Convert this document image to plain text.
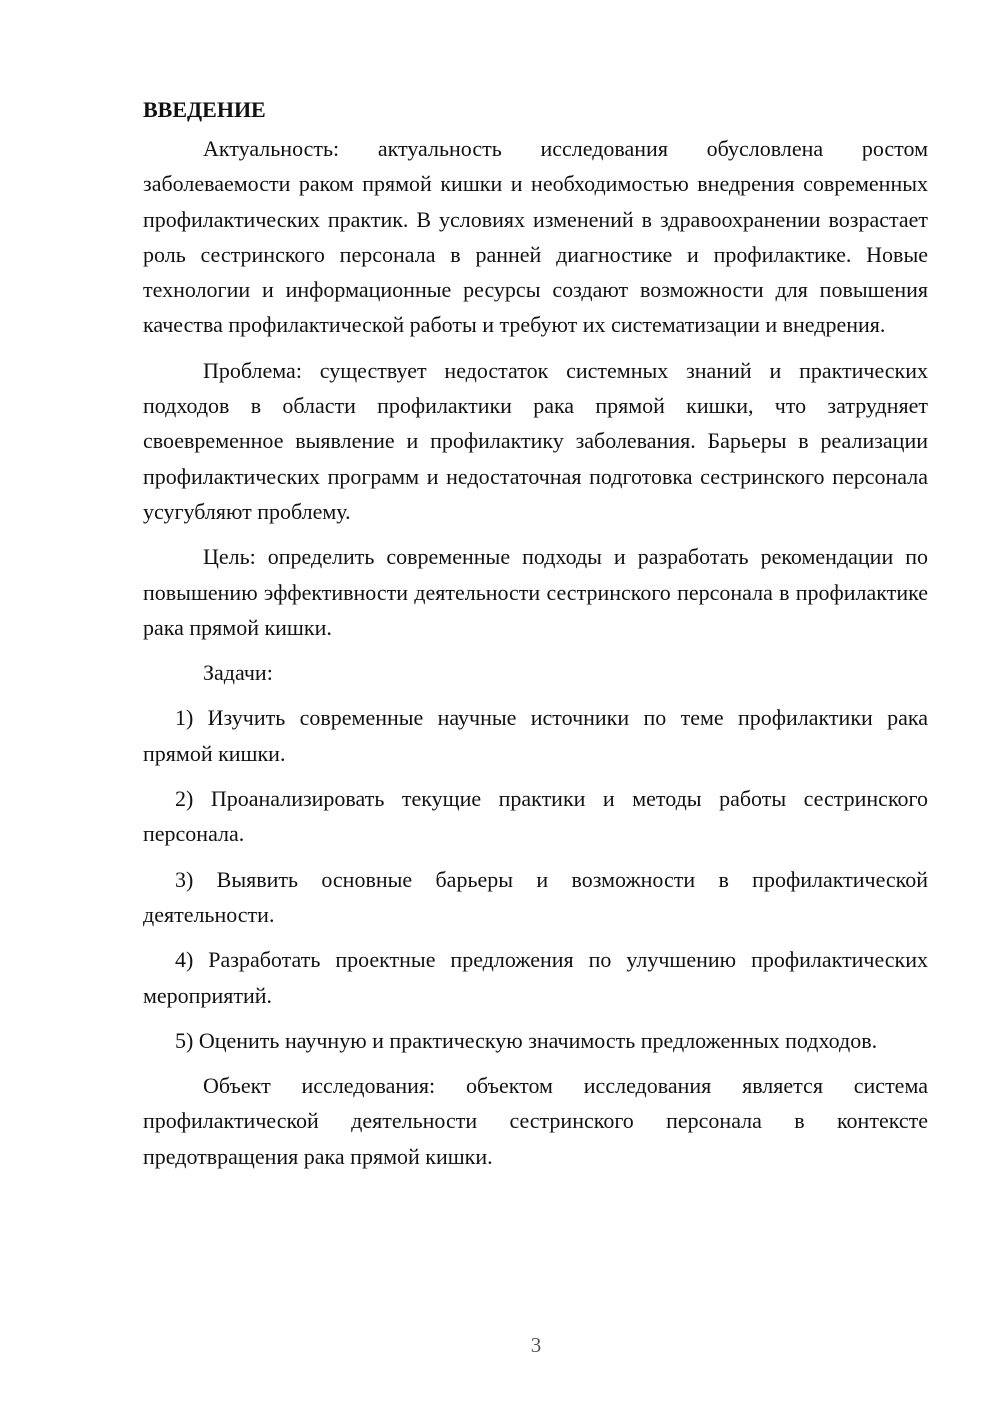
ВВЕДЕНИЕ

Актуальность: актуальность исследования обусловлена ростом заболеваемости раком прямой кишки и необходимостью внедрения современных профилактических практик. В условиях изменений в здравоохранении возрастает роль сестринского персонала в ранней диагностике и профилактике. Новые технологии и информационные ресурсы создают возможности для повышения качества профилактической работы и требуют их систематизации и внедрения.

Проблема: существует недостаток системных знаний и практических подходов в области профилактики рака прямой кишки, что затрудняет своевременное выявление и профилактику заболевания. Барьеры в реализации профилактических программ и недостаточная подготовка сестринского персонала усугубляют проблему.

Цель: определить современные подходы и разработать рекомендации по повышению эффективности деятельности сестринского персонала в профилактике рака прямой кишки.

Задачи:

1) Изучить современные научные источники по теме профилактики рака прямой кишки.

2) Проанализировать текущие практики и методы работы сестринского персонала.

3) Выявить основные барьеры и возможности в профилактической деятельности.

4) Разработать проектные предложения по улучшению профилактических мероприятий.

5) Оценить научную и практическую значимость предложенных подходов.

Объект исследования: объектом исследования является система профилактической деятельности сестринского персонала в контексте предотвращения рака прямой кишки.

3
